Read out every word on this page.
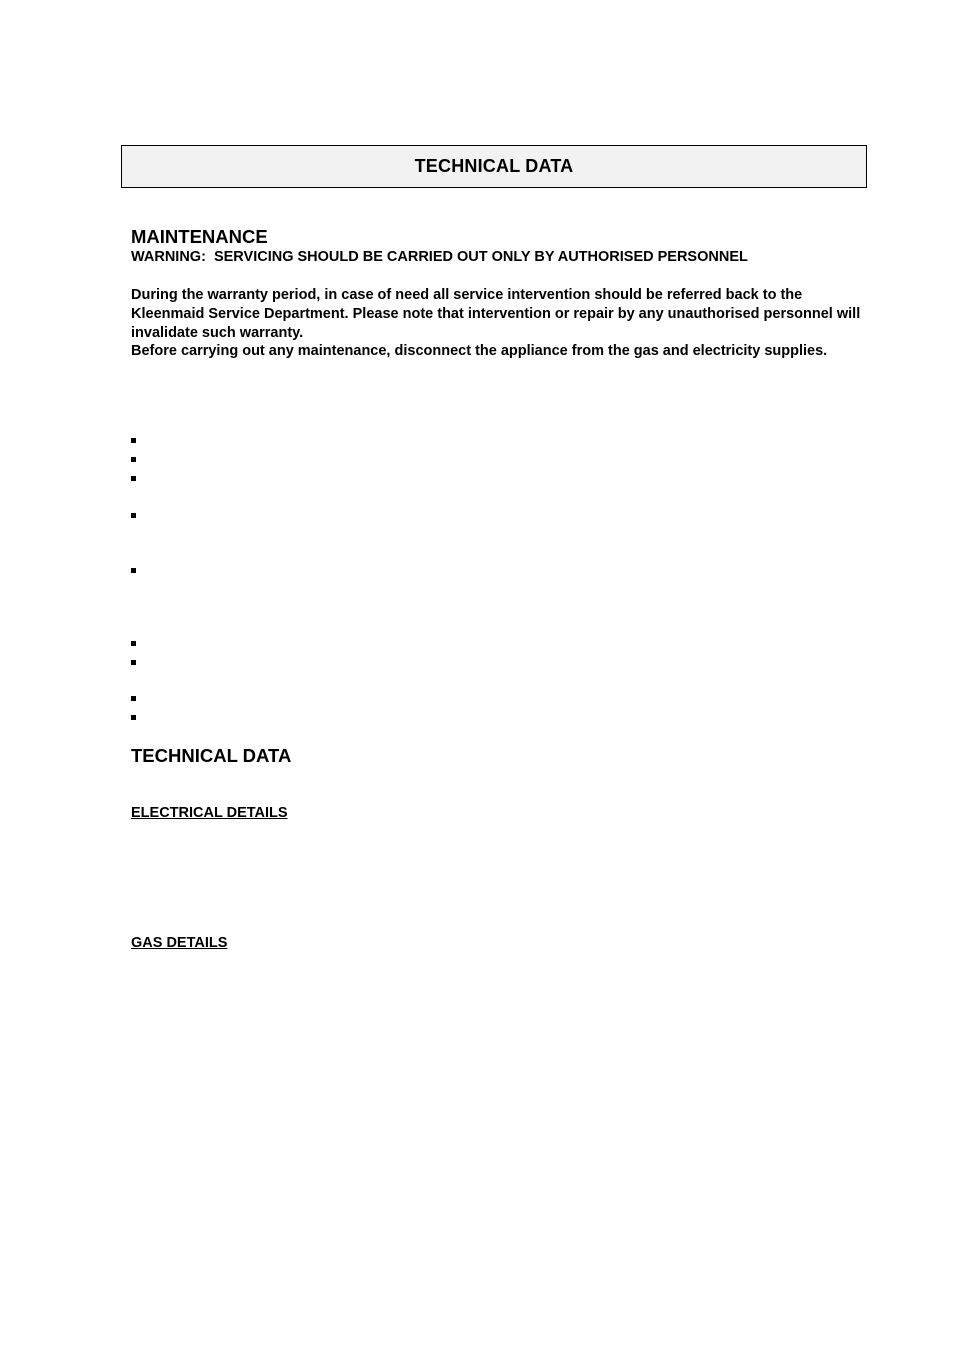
TECHNICAL DATA
MAINTENANCE

WARNING:  SERVICING SHOULD BE CARRIED OUT ONLY BY AUTHORISED PERSONNEL

During the warranty period, in case of need all service intervention should be referred back to the Kleenmaid Service Department. Please note that intervention or repair by any unauthorised personnel will invalidate such warranty.

Before carrying out any maintenance, disconnect the appliance from the gas and electricity supplies.

TECHNICAL DATA

ELECTRICAL DETAILS

GAS DETAILS
